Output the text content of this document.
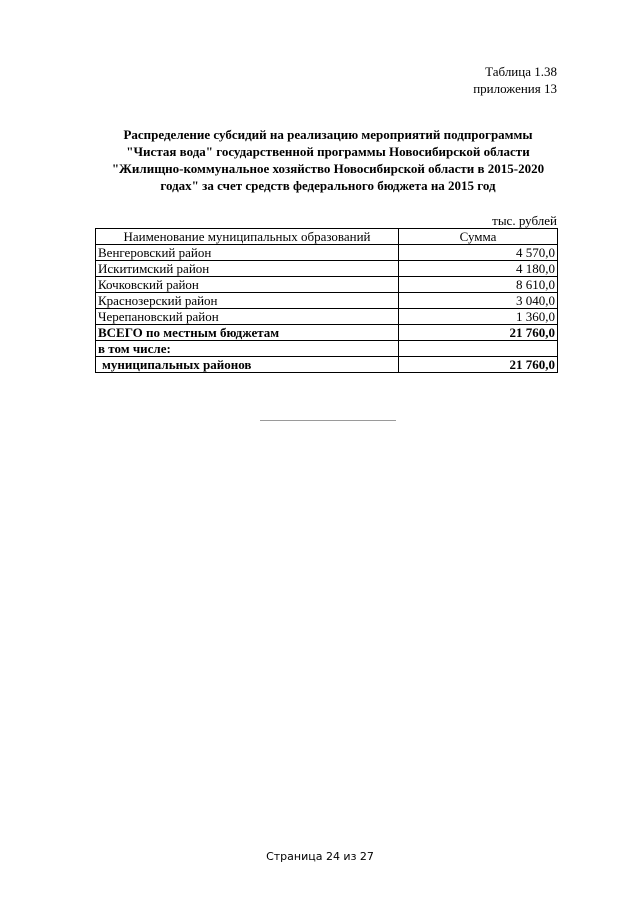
Таблица 1.38
приложения 13
Распределение субсидий на реализацию мероприятий подпрограммы
"Чистая вода" государственной программы Новосибирской области
"Жилищно-коммунальное хозяйство Новосибирской области в 2015-2020
годах" за счет средств федерального бюджета на 2015 год
тыс. рублей
Наименование муниципальных образований	Сумма
Венгеровский район	4 570,0
Искитимский район	4 180,0
Кочковский район	8 610,0
Краснозерский район	3 040,0
Черепановский район	1 360,0
ВСЕГО по местным бюджетам	21 760,0
в том числе:	
муниципальных районов	21 760,0
Страница 24 из 27
